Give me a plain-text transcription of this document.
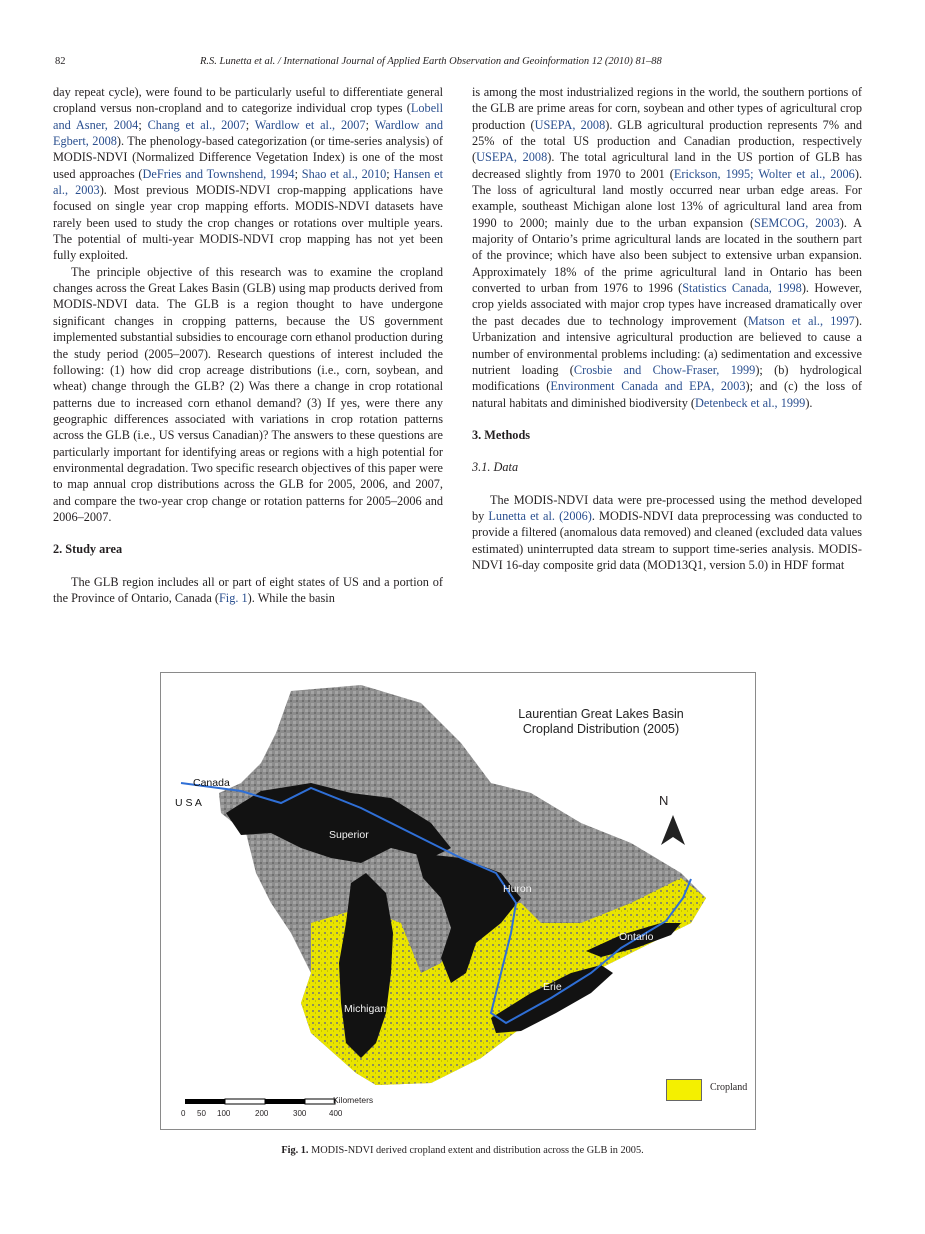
82	R.S. Lunetta et al. / International Journal of Applied Earth Observation and Geoinformation 12 (2010) 81–88

day repeat cycle), were found to be particularly useful to differentiate general cropland versus non-cropland and to categorize individual crop types (Lobell and Asner, 2004; Chang et al., 2007; Wardlow et al., 2007; Wardlow and Egbert, 2008). The phenology-based categorization (or time-series analysis) of MODIS-NDVI (Normalized Difference Vegetation Index) is one of the most used approaches (DeFries and Townshend, 1994; Shao et al., 2010; Hansen et al., 2003). Most previous MODIS-NDVI crop-mapping applications have focused on single year crop mapping efforts. MODIS-NDVI datasets have rarely been used to study the crop changes or rotations over multiple years. The potential of multi-year MODIS-NDVI crop mapping has not yet been fully exploited.

The principle objective of this research was to examine the cropland changes across the Great Lakes Basin (GLB) using map products derived from MODIS-NDVI data. The GLB is a region thought to have undergone significant changes in cropping patterns, because the US government implemented substantial subsidies to encourage corn ethanol production during the study period (2005–2007). Research questions of interest included the following: (1) how did crop acreage distributions (i.e., corn, soybean, and wheat) change through the GLB? (2) Was there a change in crop rotational patterns due to increased corn ethanol demand? (3) If yes, were there any geographic differences associated with variations in crop rotation patterns across the GLB (i.e., US versus Canadian)? The answers to these questions are particularly important for identifying areas or regions with a high potential for environmental degradation. Two specific research objectives of this paper were to map annual crop distributions across the GLB for 2005, 2006, and 2007, and compare the two-year crop change or rotation patterns for 2005–2006 and 2006–2007.

2. Study area

The GLB region includes all or part of eight states of US and a portion of the Province of Ontario, Canada (Fig. 1). While the basin

is among the most industrialized regions in the world, the southern portions of the GLB are prime areas for corn, soybean and other types of agricultural crop production (USEPA, 2008). GLB agricultural production represents 7% and 25% of the total US production and Canadian production, respectively (USEPA, 2008). The total agricultural land in the US portion of GLB has decreased slightly from 1970 to 2001 (Erickson, 1995; Wolter et al., 2006). The loss of agricultural land mostly occurred near urban edge areas. For example, southeast Michigan alone lost 13% of agricultural land area from 1990 to 2000; mainly due to the urban expansion (SEMCOG, 2003). A majority of Ontario’s prime agricultural lands are located in the southern part of the province; which have also been subject to extensive urban expansion. Approximately 18% of the prime agricultural land in Ontario has been converted to urban from 1976 to 1996 (Statistics Canada, 1998). However, crop yields associated with major crop types have increased dramatically over the past decades due to technology improvement (Matson et al., 1997). Urbanization and intensive agricultural production are believed to cause a number of environmental problems including: (a) sedimentation and excessive nutrient loading (Crosbie and Chow-Fraser, 1999); (b) hydrological modifications (Environment Canada and EPA, 2003); and (c) the loss of natural habitats and diminished biodiversity (Detenbeck et al., 1999).

3. Methods
3.1. Data

The MODIS-NDVI data were pre-processed using the method developed by Lunetta et al. (2006). MODIS-NDVI data preprocessing was conducted to provide a filtered (anomalous data removed) and cleaned (excluded data values estimated) uninterrupted data stream to support time-series analysis. MODIS-NDVI 16-day composite grid data (MOD13Q1, version 5.0) in HDF format

Laurentian Great Lakes Basin
Cropland Distribution (2005)
Canada
U S A
Superior
Huron
Michigan
Erie
Ontario
N
Cropland
Kilometers
0 50 100	200	300	400
Fig. 1. MODIS-NDVI derived cropland extent and distribution across the GLB in 2005.
